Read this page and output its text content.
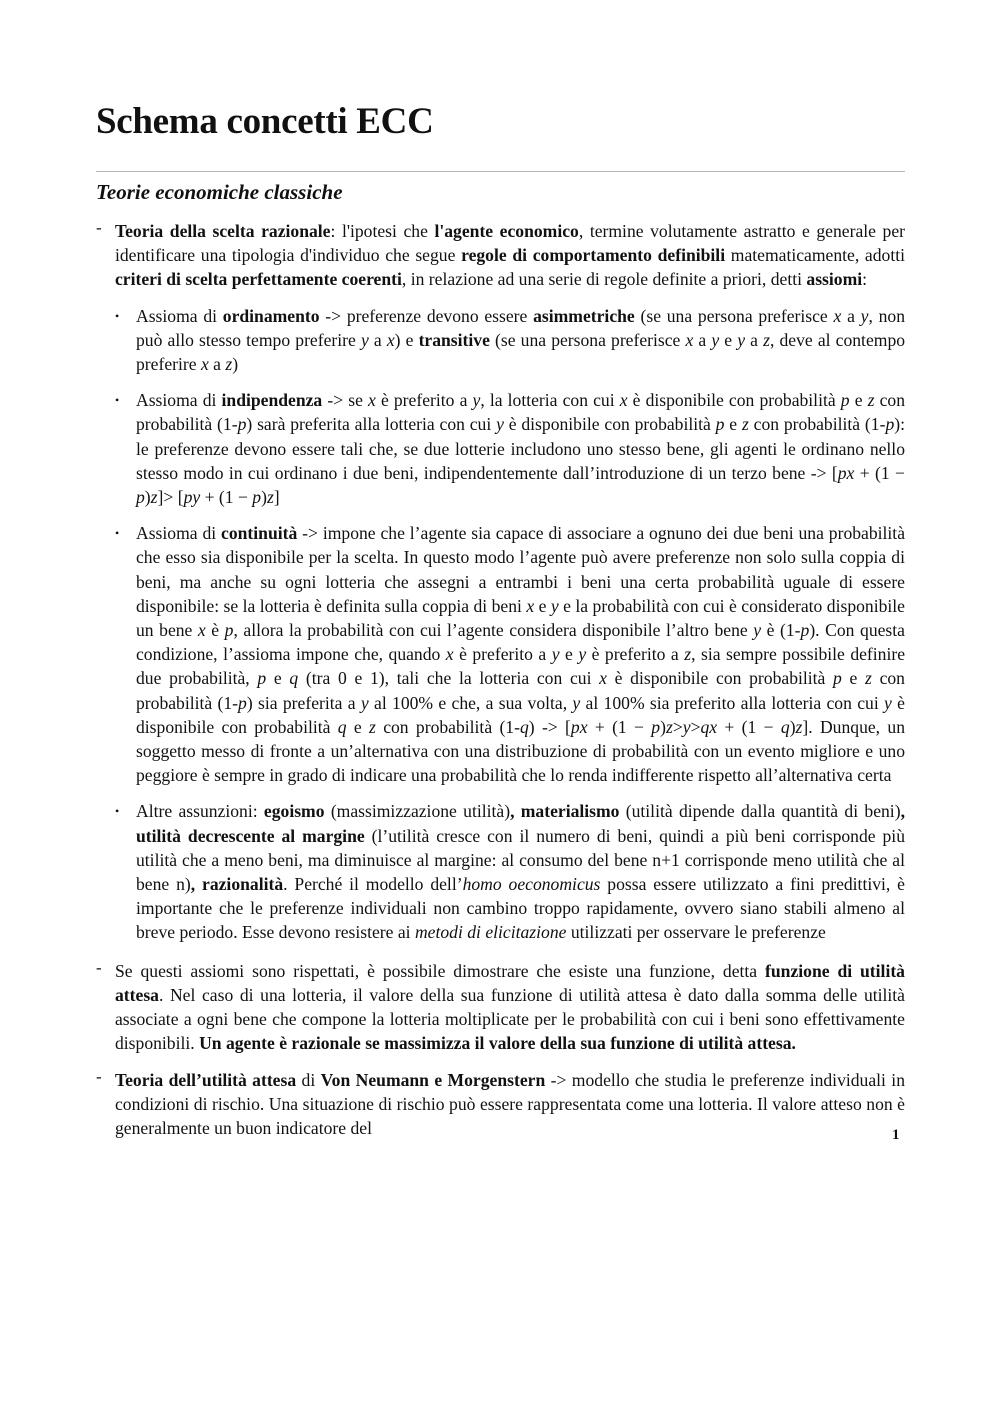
Schema concetti ECC
Teorie economiche classiche
- Teoria della scelta razionale: l'ipotesi che l'agente economico, termine volutamente astratto e generale per identificare una tipologia d'individuo che segue regole di comportamento definibili matematicamente, adotti criteri di scelta perfettamente coerenti, in relazione ad una serie di regole definite a priori, detti assiomi:
• Assioma di ordinamento -> preferenze devono essere asimmetriche (se una persona preferisce x a y, non può allo stesso tempo preferire y a x) e transitive (se una persona preferisce x a y e y a z, deve al contempo preferire x a z)
• Assioma di indipendenza -> se x è preferito a y, la lotteria con cui x è disponibile con probabilità p e z con probabilità (1-p) sarà preferita alla lotteria con cui y è disponibile con probabilità p e z con probabilità (1-p): le preferenze devono essere tali che, se due lotterie includono uno stesso bene, gli agenti le ordinano nello stesso modo in cui ordinano i due beni, indipendentemente dall’introduzione di un terzo bene -> [px + (1 − p)z]> [py + (1 − p)z]
• Assioma di continuità -> impone che l’agente sia capace di associare a ognuno dei due beni una probabilità che esso sia disponibile per la scelta. In questo modo l’agente può avere preferenze non solo sulla coppia di beni, ma anche su ogni lotteria che assegni a entrambi i beni una certa probabilità uguale di essere disponibile: se la lotteria è definita sulla coppia di beni x e y e la probabilità con cui è considerato disponibile un bene x è p, allora la probabilità con cui l’agente considera disponibile l’altro bene y è (1-p). Con questa condizione, l’assioma impone che, quando x è preferito a y e y è preferito a z, sia sempre possibile definire due probabilità, p e q (tra 0 e 1), tali che la lotteria con cui x è disponibile con probabilità p e z con probabilità (1-p) sia preferita a y al 100% e che, a sua volta, y al 100% sia preferito alla lotteria con cui y è disponibile con probabilità q e z con probabilità (1-q) -> [px + (1 − p)z>y>qx + (1 − q)z]. Dunque, un soggetto messo di fronte a un’alternativa con una distribuzione di probabilità con un evento migliore e uno peggiore è sempre in grado di indicare una probabilità che lo renda indifferente rispetto all’alternativa certa
• Altre assunzioni: egoismo (massimizzazione utilità), materialismo (utilità dipende dalla quantità di beni), utilità decrescente al margine (l’utilità cresce con il numero di beni, quindi a più beni corrisponde più utilità che a meno beni, ma diminuisce al margine: al consumo del bene n+1 corrisponde meno utilità che al bene n), razionalità. Perché il modello dell’homo oeconomicus possa essere utilizzato a fini predittivi, è importante che le preferenze individuali non cambino troppo rapidamente, ovvero siano stabili almeno al breve periodo. Esse devono resistere ai metodi di elicitazione utilizzati per osservare le preferenze
- Se questi assiomi sono rispettati, è possibile dimostrare che esiste una funzione, detta funzione di utilità attesa. Nel caso di una lotteria, il valore della sua funzione di utilità attesa è dato dalla somma delle utilità associate a ogni bene che compone la lotteria moltiplicate per le probabilità con cui i beni sono effettivamente disponibili. Un agente è razionale se massimizza il valore della sua funzione di utilità attesa.
- Teoria dell’utilità attesa di Von Neumann e Morgenstern -> modello che studia le preferenze individuali in condizioni di rischio. Una situazione di rischio può essere rappresentata come una lotteria. Il valore atteso non è generalmente un buon indicatore del	1
